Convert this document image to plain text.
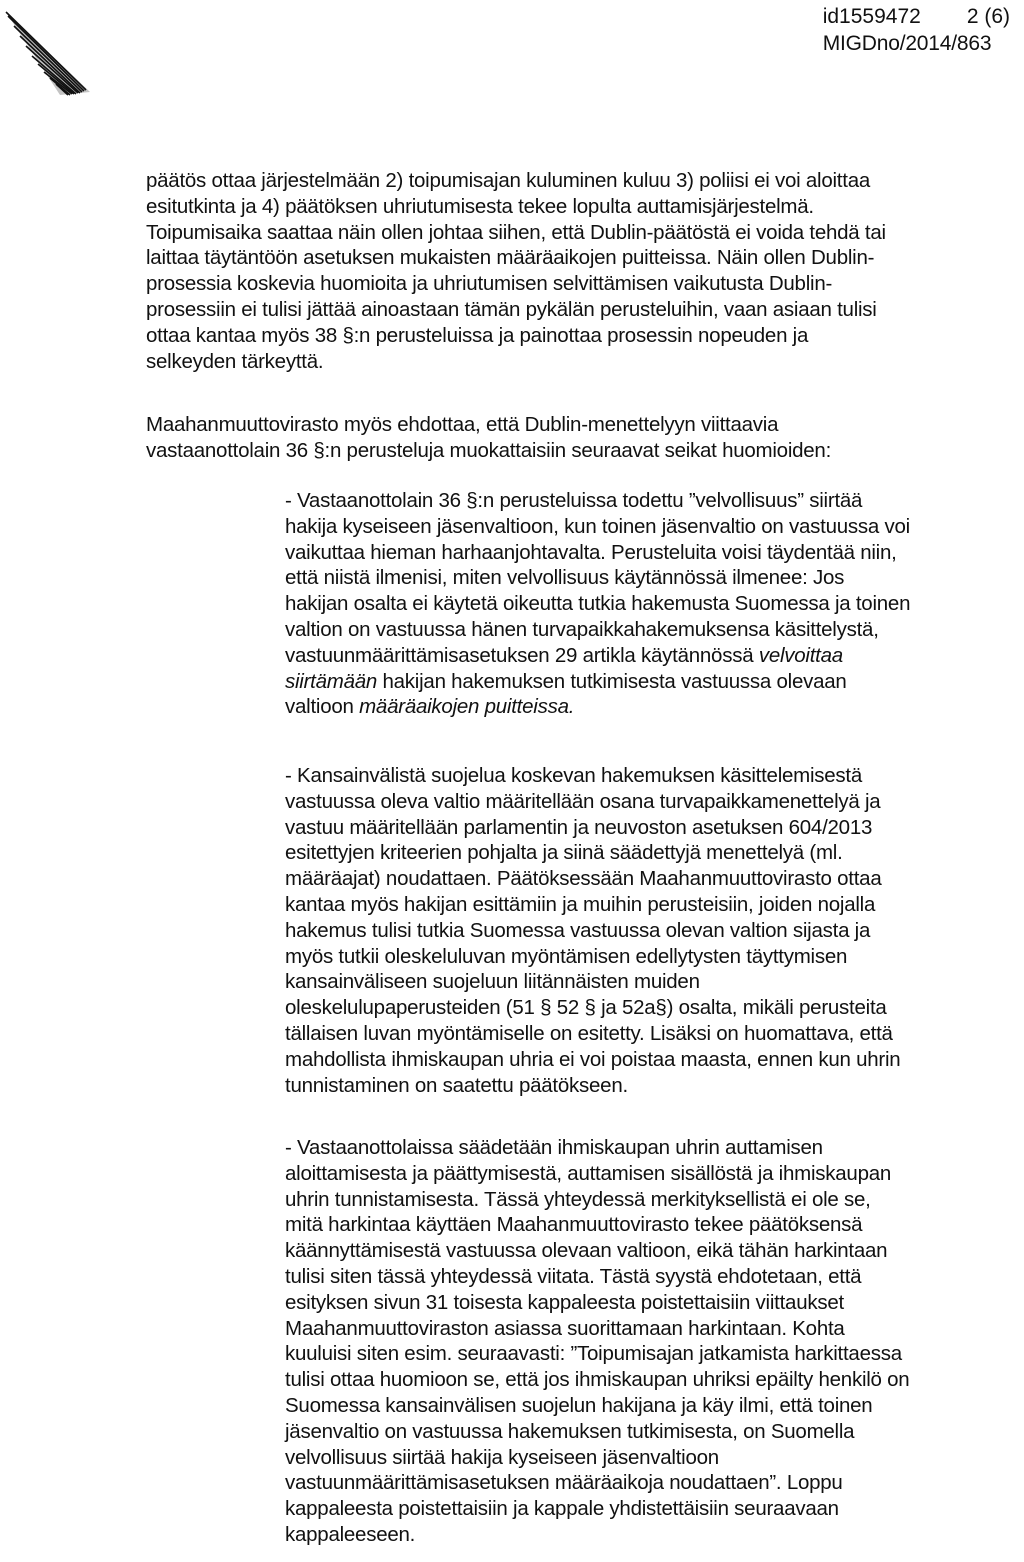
id1559472 2 (6)
MIGDno/2014/863

päätös ottaa järjestelmään 2) toipumisajan kuluminen kuluu 3) poliisi ei voi aloittaa
esitutkinta ja 4) päätöksen uhriutumisesta tekee lopulta auttamisjärjestelmä.
Toipumisaika saattaa näin ollen johtaa siihen, että Dublin-päätöstä ei voida tehdä tai
laittaa täytäntöön asetuksen mukaisten määräaikojen puitteissa. Näin ollen Dublin-
prosessia koskevia huomioita ja uhriutumisen selvittämisen vaikutusta Dublin-
prosessiin ei tulisi jättää ainoastaan tämän pykälän perusteluihin, vaan asiaan tulisi
ottaa kantaa myös 38 §:n perusteluissa ja painottaa prosessin nopeuden ja
selkeyden tärkeyttä.

Maahanmuuttovirasto myös ehdottaa, että Dublin-menettelyyn viittaavia
vastaanottolain 36 §:n perusteluja muokattaisiin seuraavat seikat huomioiden:

- Vastaanottolain 36 §:n perusteluissa todettu ”velvollisuus” siirtää
hakija kyseiseen jäsenvaltioon, kun toinen jäsenvaltio on vastuussa voi
vaikuttaa hieman harhaanjohtavalta. Perusteluita voisi täydentää niin,
että niistä ilmenisi, miten velvollisuus käytännössä ilmenee: Jos
hakijan osalta ei käytetä oikeutta tutkia hakemusta Suomessa ja toinen
valtion on vastuussa hänen turvapaikkahakemuksensa käsittelystä,
vastuunmäärittämisasetuksen 29 artikla käytännössä velvoittaa
siirtämään hakijan hakemuksen tutkimisesta vastuussa olevaan
valtioon määräaikojen puitteissa.

- Kansainvälistä suojelua koskevan hakemuksen käsittelemisestä
vastuussa oleva valtio määritellään osana turvapaikkamenettelyä ja
vastuu määritellään parlamentin ja neuvoston asetuksen 604/2013
esitettyjen kriteerien pohjalta ja siinä säädettyjä menettelyä (ml.
määräajat) noudattaen. Päätöksessään Maahanmuuttovirasto ottaa
kantaa myös hakijan esittämiin ja muihin perusteisiin, joiden nojalla
hakemus tulisi tutkia Suomessa vastuussa olevan valtion sijasta ja
myös tutkii oleskeluluvan myöntämisen edellytysten täyttymisen
kansainväliseen suojeluun liitännäisten muiden
oleskelulupaperusteiden (51 § 52 § ja 52a§) osalta, mikäli perusteita
tällaisen luvan myöntämiselle on esitetty. Lisäksi on huomattava, että
mahdollista ihmiskaupan uhria ei voi poistaa maasta, ennen kun uhrin
tunnistaminen on saatettu päätökseen.

- Vastaanottolaissa säädetään ihmiskaupan uhrin auttamisen
aloittamisesta ja päättymisestä, auttamisen sisällöstä ja ihmiskaupan
uhrin tunnistamisesta. Tässä yhteydessä merkityksellistä ei ole se,
mitä harkintaa käyttäen Maahanmuuttovirasto tekee päätöksensä
käännyttämisestä vastuussa olevaan valtioon, eikä tähän harkintaan
tulisi siten tässä yhteydessä viitata. Tästä syystä ehdotetaan, että
esityksen sivun 31 toisesta kappaleesta poistettaisiin viittaukset
Maahanmuuttoviraston asiassa suorittamaan harkintaan. Kohta
kuuluisi siten esim. seuraavasti: ”Toipumisajan jatkamista harkittaessa
tulisi ottaa huomioon se, että jos ihmiskaupan uhriksi epäilty henkilö on
Suomessa kansainvälisen suojelun hakijana ja käy ilmi, että toinen
jäsenvaltio on vastuussa hakemuksen tutkimisesta, on Suomella
velvollisuus siirtää hakija kyseiseen jäsenvaltioon
vastuunmäärittämisasetuksen määräaikoja noudattaen”. Loppu
kappaleesta poistettaisiin ja kappale yhdistettäisiin seuraavaan
kappaleeseen.
